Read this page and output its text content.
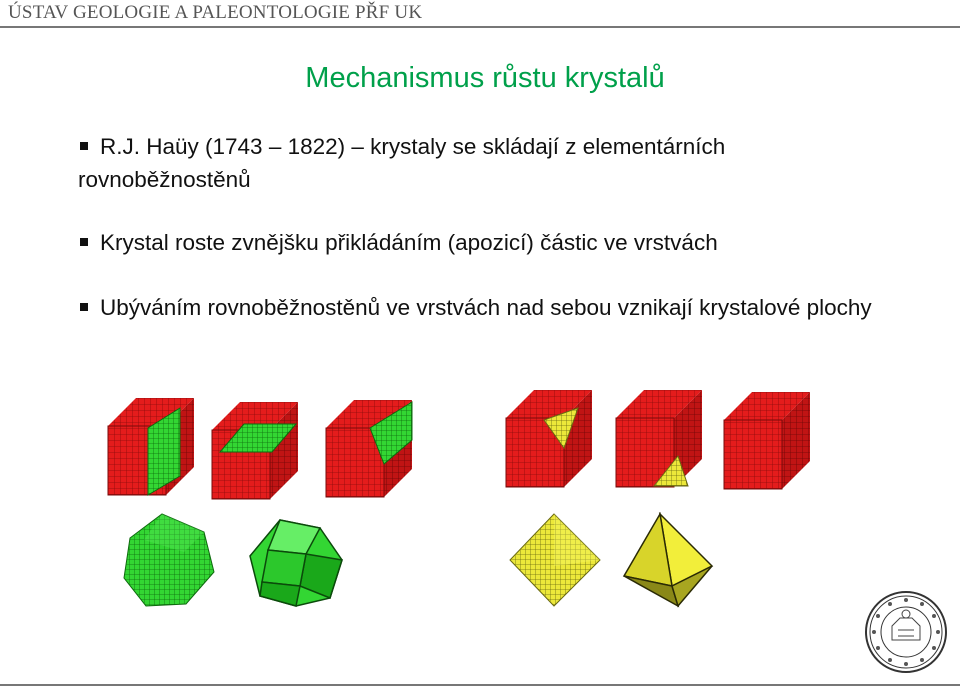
ÚSTAV GEOLOGIE A PALEONTOLOGIE PŘF UK
Mechanismus růstu krystalů
R.J. Haüy (1743 – 1822) – krystaly se skládají z elementárních rovnoběžnostěnů
Krystal roste zvnějšku přikládáním (apozicí) částic ve vrstvách
Ubýváním rovnoběžnostěnů ve vrstvách nad sebou vznikají krystalové plochy
